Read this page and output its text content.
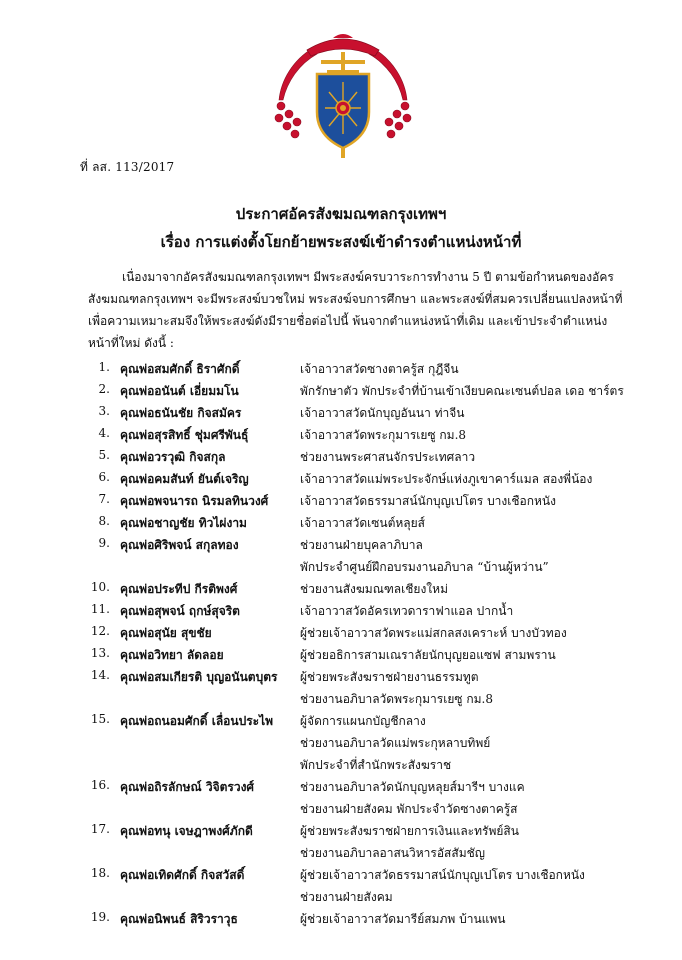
ที่ ลส. 113/2017
ประกาศอัครสังฆมณฑลกรุงเทพฯ
เรื่อง การแต่งตั้งโยกย้ายพระสงฆ์เข้าดำรงตำแหน่งหน้าที่
เนื่องมาจากอัครสังฆมณฑลกรุงเทพฯ มีพระสงฆ์ครบวาระการทำงาน 5 ปี ตามข้อกำหนดของอัคร
สังฆมณฑลกรุงเทพฯ จะมีพระสงฆ์บวชใหม่ พระสงฆ์จบการศึกษา และพระสงฆ์ที่สมควรเปลี่ยนแปลงหน้าที่
เพื่อความเหมาะสมจึงให้พระสงฆ์ดังมีรายชื่อต่อไปนี้ พ้นจากตำแหน่งหน้าที่เดิม และเข้าประจำตำแหน่ง
หน้าที่ใหม่ ดังนี้ :
1. คุณพ่อสมศักดิ์ ธิราศักดิ์	เจ้าอาวาสวัดซางตาครู้ส กุฎีจีน
2. คุณพ่ออนันต์ เอี่ยมมโน	พักรักษาตัว พักประจำที่บ้านเข้าเงียบคณะเซนต์ปอล เดอ ชาร์ตร
3. คุณพ่อธนันชัย กิจสมัคร	เจ้าอาวาสวัดนักบุญอันนา ท่าจีน
4. คุณพ่อสุรสิทธิ์ ชุ่มศรีพันธุ์	เจ้าอาวาสวัดพระกุมารเยซู กม.8
5. คุณพ่อวรวุฒิ กิจสกุล	ช่วยงานพระศาสนจักรประเทศลาว
6. คุณพ่อคมสันท์ ยันต์เจริญ	เจ้าอาวาสวัดแม่พระประจักษ์แห่งภูเขาคาร์แมล สองพี่น้อง
7. คุณพ่อพจนารถ นิรมลทินวงศ์	เจ้าอาวาสวัดธรรมาสน์นักบุญเปโตร บางเชือกหนัง
8. คุณพ่อชาญชัย ทิวไผ่งาม	เจ้าอาวาสวัดเซนต์หลุยส์
9. คุณพ่อศิริพจน์ สกุลทอง	ช่วยงานฝ่ายบุคลาภิบาล
พักประจำศูนย์ฝึกอบรมงานอภิบาล “บ้านผู้หว่าน”
10. คุณพ่อประทีป กีรติพงศ์	ช่วยงานสังฆมณฑลเชียงใหม่
11. คุณพ่อสุพจน์ ฤกษ์สุจริต	เจ้าอาวาสวัดอัครเทวดาราฟาแอล ปากน้ำ
12. คุณพ่อสุนัย สุขชัย	ผู้ช่วยเจ้าอาวาสวัดพระแม่สกลสงเคราะห์ บางบัวทอง
13. คุณพ่อวิทยา ลัดลอย	ผู้ช่วยอธิการสามเณราลัยนักบุญยอแซฟ สามพราน
14. คุณพ่อสมเกียรติ บุญอนันตบุตร	ผู้ช่วยพระสังฆราชฝ่ายงานธรรมทูต
ช่วยงานอภิบาลวัดพระกุมารเยซู กม.8
15. คุณพ่อถนอมศักดิ์ เลื่อนประไพ	ผู้จัดการแผนกบัญชีกลาง
ช่วยงานอภิบาลวัดแม่พระกุหลาบทิพย์
พักประจำที่สำนักพระสังฆราช
16. คุณพ่อถิรลักษณ์ วิจิตรวงศ์	ช่วยงานอภิบาลวัดนักบุญหลุยส์มารีฯ บางแค
ช่วยงานฝ่ายสังคม พักประจำวัดซางตาครู้ส
17. คุณพ่อทนุ เจษฎาพงศ์ภักดี	ผู้ช่วยพระสังฆราชฝ่ายการเงินและทรัพย์สิน
ช่วยงานอภิบาลอาสนวิหารอัสสัมชัญ
18. คุณพ่อเทิดศักดิ์ กิจสวัสดิ์	ผู้ช่วยเจ้าอาวาสวัดธรรมาสน์นักบุญเปโตร บางเชือกหนัง
ช่วยงานฝ่ายสังคม
19. คุณพ่อนิพนธ์ สิริวราวุธ	ผู้ช่วยเจ้าอาวาสวัดมารีย์สมภพ บ้านแพน
